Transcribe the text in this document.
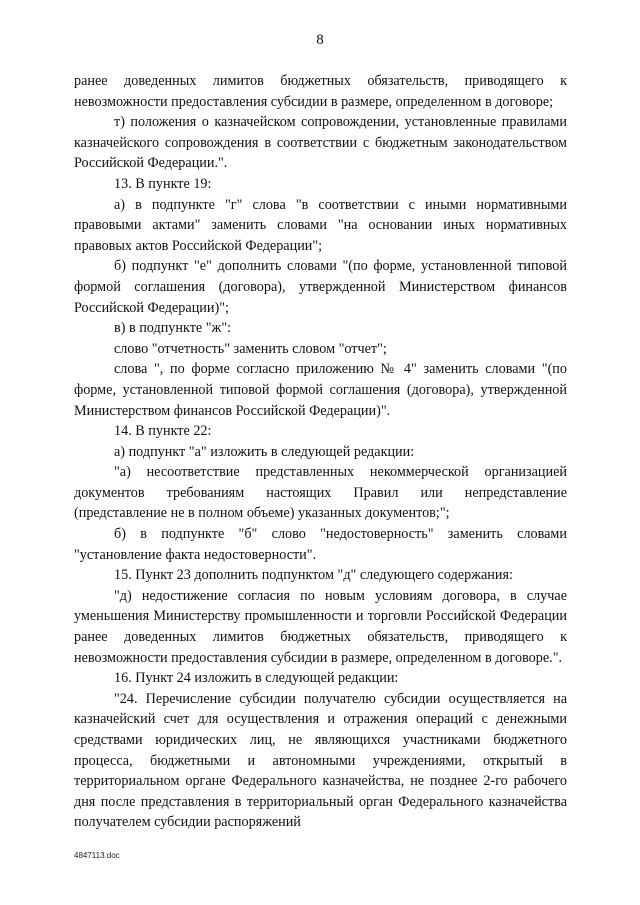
8

ранее доведенных лимитов бюджетных обязательств, приводящего к невозможности предоставления субсидии в размере, определенном в договоре;

т) положения о казначейском сопровождении, установленные правилами казначейского сопровождения в соответствии с бюджетным законодательством Российской Федерации.".

13. В пункте 19:

а) в подпункте "г" слова "в соответствии с иными нормативными правовыми актами" заменить словами "на основании иных нормативных правовых актов Российской Федерации";

б) подпункт "е" дополнить словами "(по форме, установленной типовой формой соглашения (договора), утвержденной Министерством финансов Российской Федерации)";

в) в подпункте "ж":

слово "отчетность" заменить словом "отчет";

слова ", по форме согласно приложению № 4" заменить словами "(по форме, установленной типовой формой соглашения (договора), утвержденной Министерством финансов Российской Федерации)".

14. В пункте 22:

а) подпункт "а" изложить в следующей редакции:

"а) несоответствие представленных некоммерческой организацией документов требованиям настоящих Правил или непредставление (представление не в полном объеме) указанных документов;";

б) в подпункте "б" слово "недостоверность" заменить словами "установление факта недостоверности".

15. Пункт 23 дополнить подпунктом "д" следующего содержания:

"д) недостижение согласия по новым условиям договора, в случае уменьшения Министерству промышленности и торговли Российской Федерации ранее доведенных лимитов бюджетных обязательств, приводящего к невозможности предоставления субсидии в размере, определенном в договоре.".

16. Пункт 24 изложить в следующей редакции:

"24. Перечисление субсидии получателю субсидии осуществляется на казначейский счет для осуществления и отражения операций с денежными средствами юридических лиц, не являющихся участниками бюджетного процесса, бюджетными и автономными учреждениями, открытый в территориальном органе Федерального казначейства, не позднее 2-го рабочего дня после представления в территориальный орган Федерального казначейства получателем субсидии распоряжений

4847113.doc
